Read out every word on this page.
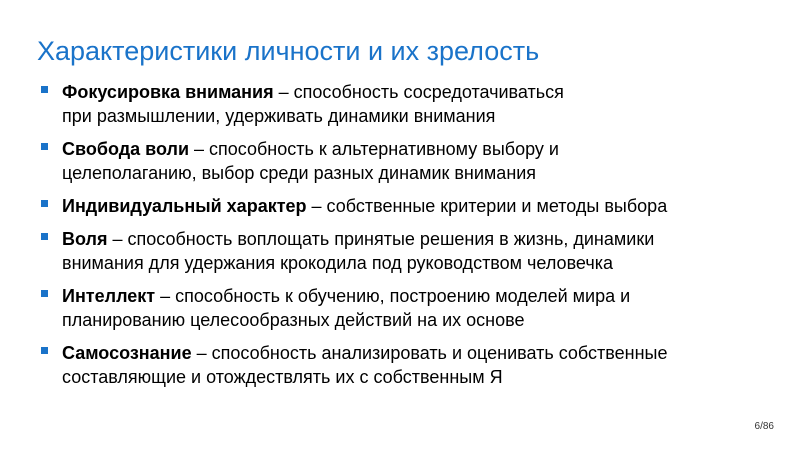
Характеристики личности и их зрелость
Фокусировка внимания – способность сосредотачиваться
при размышлении, удерживать динамики внимания
Свобода воли – способность к альтернативному выбору и
целеполаганию, выбор среди разных динамик внимания
Индивидуальный характер – собственные критерии и методы выбора
Воля – способность воплощать принятые решения в жизнь, динамики
внимания для удержания крокодила под руководством человечка
Интеллект – способность к обучению, построению моделей мира и
планированию целесообразных действий на их основе
Самосознание – способность анализировать и оценивать собственные
составляющие и отождествлять их с собственным Я
6/86
